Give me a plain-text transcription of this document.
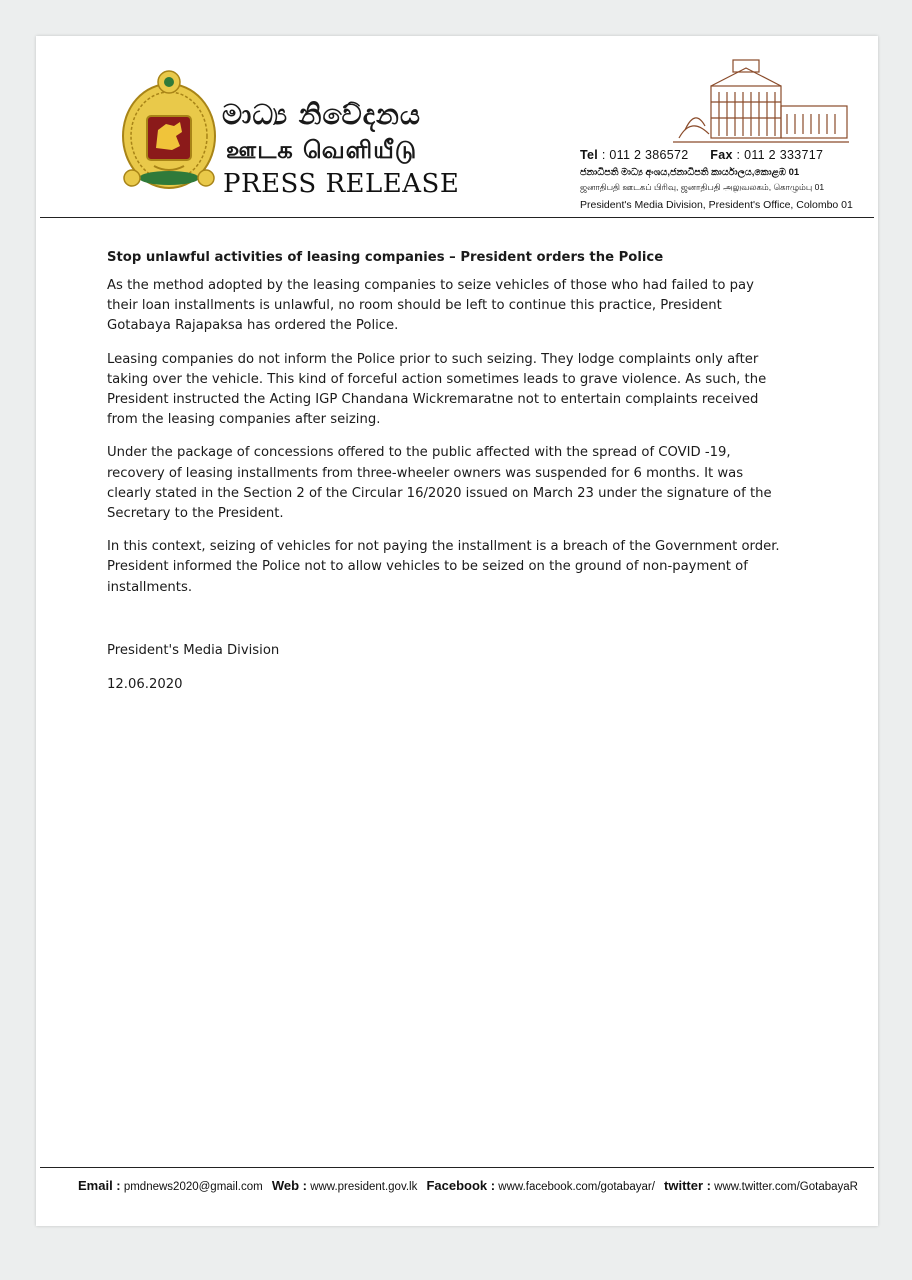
මාධ්‍ය නිවේදනය
ஊடக வெளியீடு
PRESS RELEASE
Tel : 011 2 386572 Fax : 011 2 333717
ජනාධිපති මාධ්‍ය අංශය,ජනාධිපති කාර්යාලය,කොළඹ 01
ஜனாதிபதி ஊடகப் பிரிவு, ஜனாதிபதி அலுவலகம், கொழும்பு 01
President's Media Division, President's Office, Colombo 01
Stop unlawful activities of leasing companies – President orders the Police

As the method adopted by the leasing companies to seize vehicles of those who had failed to pay their loan installments is unlawful, no room should be left to continue this practice, President Gotabaya Rajapaksa has ordered the Police.

Leasing companies do not inform the Police prior to such seizing. They lodge complaints only after taking over the vehicle. This kind of forceful action sometimes leads to grave violence. As such, the President instructed the Acting IGP Chandana Wickremaratne not to entertain complaints received from the leasing companies after seizing.

Under the package of concessions offered to the public affected with the spread of COVID -19, recovery of leasing installments from three-wheeler owners was suspended for 6 months. It was clearly stated in the Section 2 of the Circular 16/2020 issued on March 23 under the signature of the Secretary to the President.

In this context, seizing of vehicles for not paying the installment is a breach of the Government order. President informed the Police not to allow vehicles to be seized on the ground of non-payment of installments.

President's Media Division
12.06.2020
Email : pmdnews2020@gmail.com Web : www.president.gov.lk Facebook : www.facebook.com/gotabayar/ twitter : www.twitter.com/GotabayaR
